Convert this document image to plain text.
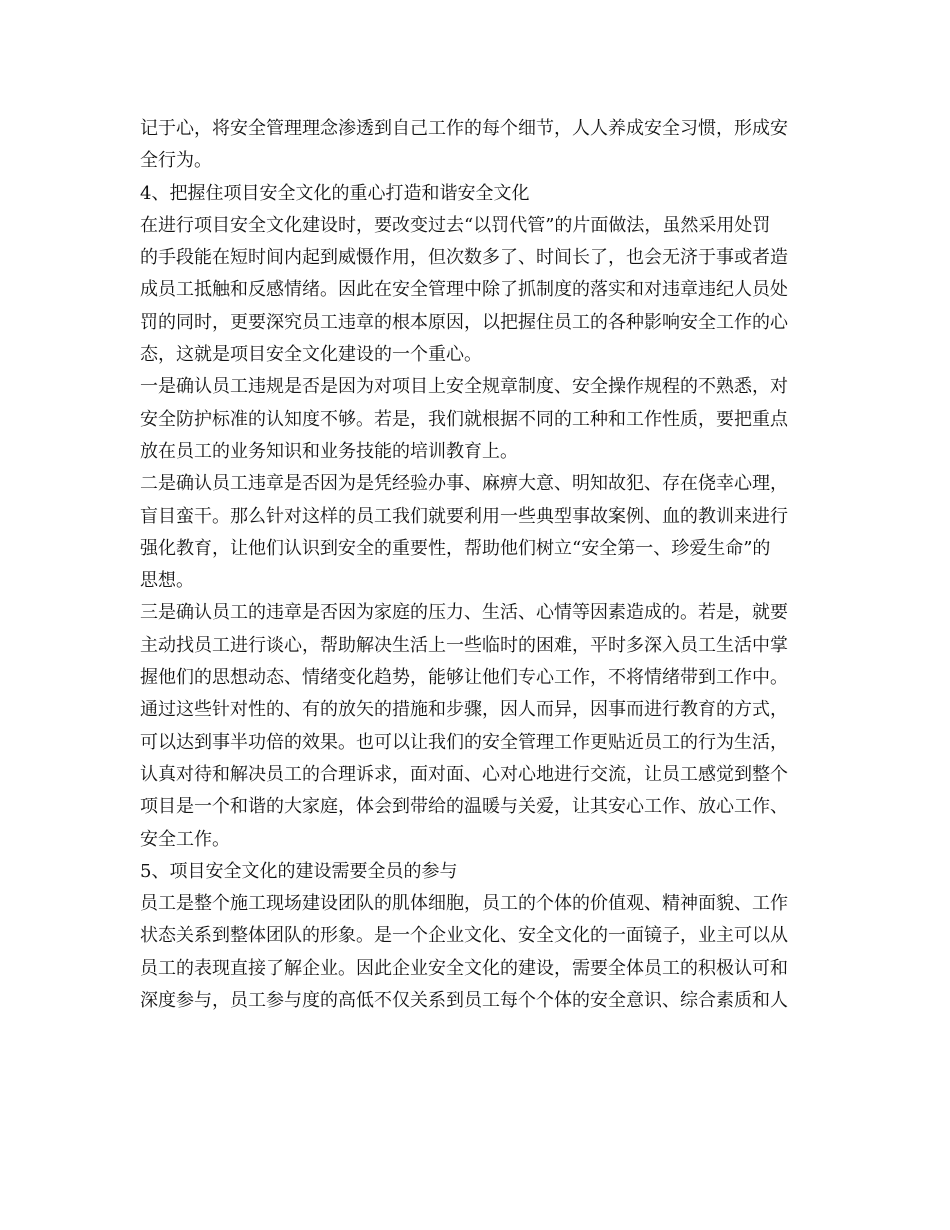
记于心，将安全管理理念渗透到自己工作的每个细节，人人养成安全习惯，形成安
全行为。
4、把握住项目安全文化的重心打造和谐安全文化
在进行项目安全文化建设时，要改变过去“以罚代管”的片面做法，虽然采用处罚
的手段能在短时间内起到威慑作用，但次数多了、时间长了，也会无济于事或者造
成员工抵触和反感情绪。因此在安全管理中除了抓制度的落实和对违章违纪人员处
罚的同时，更要深究员工违章的根本原因，以把握住员工的各种影响安全工作的心
态，这就是项目安全文化建设的一个重心。
一是确认员工违规是否是因为对项目上安全规章制度、安全操作规程的不熟悉，对
安全防护标准的认知度不够。若是，我们就根据不同的工种和工作性质，要把重点
放在员工的业务知识和业务技能的培训教育上。
二是确认员工违章是否因为是凭经验办事、麻痹大意、明知故犯、存在侥幸心理，
盲目蛮干。那么针对这样的员工我们就要利用一些典型事故案例、血的教训来进行
强化教育，让他们认识到安全的重要性，帮助他们树立“安全第一、珍爱生命”的
思想。
三是确认员工的违章是否因为家庭的压力、生活、心情等因素造成的。若是，就要
主动找员工进行谈心，帮助解决生活上一些临时的困难，平时多深入员工生活中掌
握他们的思想动态、情绪变化趋势，能够让他们专心工作，不将情绪带到工作中。
通过这些针对性的、有的放矢的措施和步骤，因人而异，因事而进行教育的方式，
可以达到事半功倍的效果。也可以让我们的安全管理工作更贴近员工的行为生活，
认真对待和解决员工的合理诉求，面对面、心对心地进行交流，让员工感觉到整个
项目是一个和谐的大家庭，体会到带给的温暖与关爱，让其安心工作、放心工作、
安全工作。
5、项目安全文化的建设需要全员的参与
员工是整个施工现场建设团队的肌体细胞，员工的个体的价值观、精神面貌、工作
状态关系到整体团队的形象。是一个企业文化、安全文化的一面镜子，业主可以从
员工的表现直接了解企业。因此企业安全文化的建设，需要全体员工的积极认可和
深度参与，员工参与度的高低不仅关系到员工每个个体的安全意识、综合素质和人
